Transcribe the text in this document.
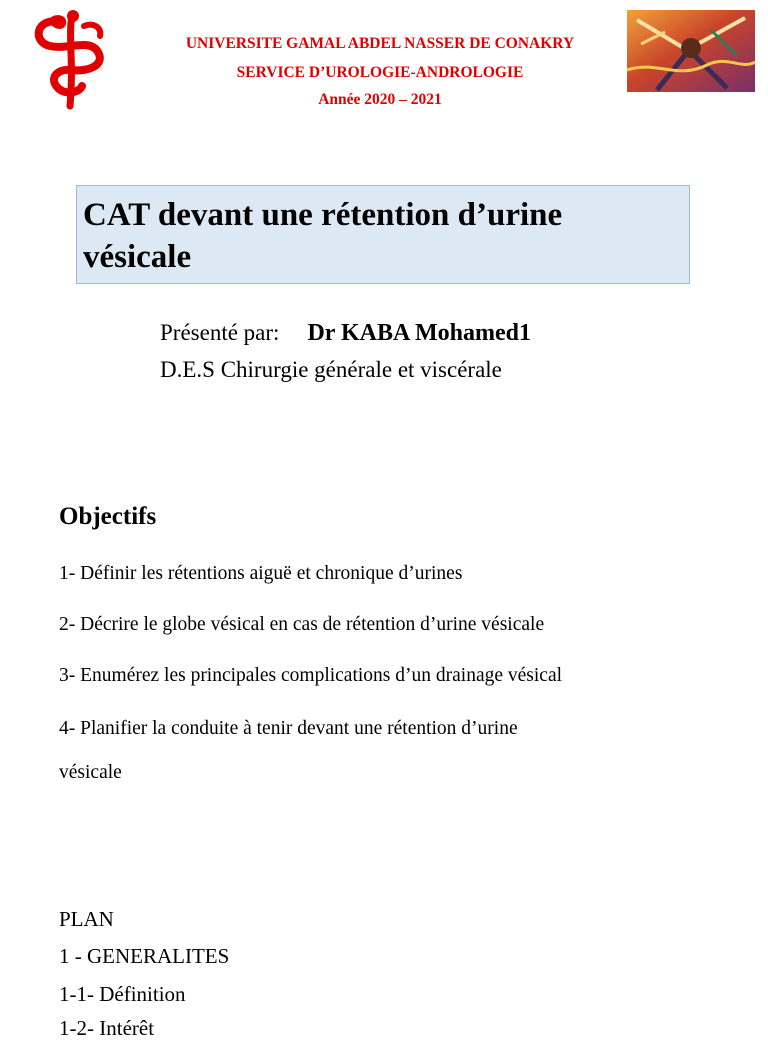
UNIVERSITE GAMAL ABDEL NASSER DE CONAKRY
SERVICE D’UROLOGIE-ANDROLOGIE
Année 2020 – 2021
CAT devant une rétention d’urine
vésicale
Présenté par: Dr KABA Mohamed1
D.E.S Chirurgie générale et viscérale
Objectifs
1- Définir les rétentions aiguë et chronique d’urines
2- Décrire le globe vésical en cas de rétention d’urine vésicale
3- Enumérez les principales complications d’un drainage vésical
4- Planifier la conduite à tenir devant une rétention d’urine
vésicale
PLAN
1 - GENERALITES
1-1- Définition
1-2- Intérêt
